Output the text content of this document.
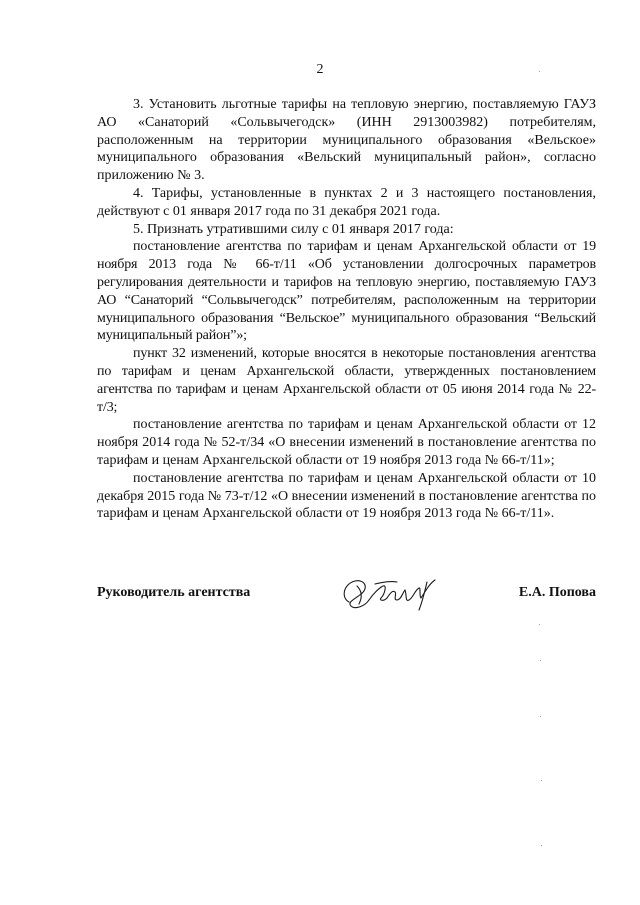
2

3. Установить льготные тарифы на тепловую энергию, поставляемую ГАУЗ АО «Санаторий «Сольвычегодск» (ИНН 2913003982) потребителям, расположенным на территории муниципального образования «Вельское» муниципального образования «Вельский муниципальный район», согласно приложению № 3.

4. Тарифы, установленные в пунктах 2 и 3 настоящего постановления, действуют с 01 января 2017 года по 31 декабря 2021 года.

5. Признать утратившими силу с 01 января 2017 года:

постановление агентства по тарифам и ценам Архангельской области от 19 ноября 2013 года № 66-т/11 «Об установлении долгосрочных параметров регулирования деятельности и тарифов на тепловую энергию, поставляемую ГАУЗ АО “Санаторий “Сольвычегодск” потребителям, расположенным на территории муниципального образования “Вельское” муниципального образования “Вельский муниципальный район”»;

пункт 32 изменений, которые вносятся в некоторые постановления агентства по тарифам и ценам Архангельской области, утвержденных постановлением агентства по тарифам и ценам Архангельской области от 05 июня 2014 года № 22-т/3;

постановление агентства по тарифам и ценам Архангельской области от 12 ноября 2014 года № 52-т/34 «О внесении изменений в постановление агентства по тарифам и ценам Архангельской области от 19 ноября 2013 года № 66-т/11»;

постановление агентства по тарифам и ценам Архангельской области от 10 декабря 2015 года № 73-т/12 «О внесении изменений в постановление агентства по тарифам и ценам Архангельской области от 19 ноября 2013 года № 66-т/11».

Руководитель агентства	Е.А. Попова
